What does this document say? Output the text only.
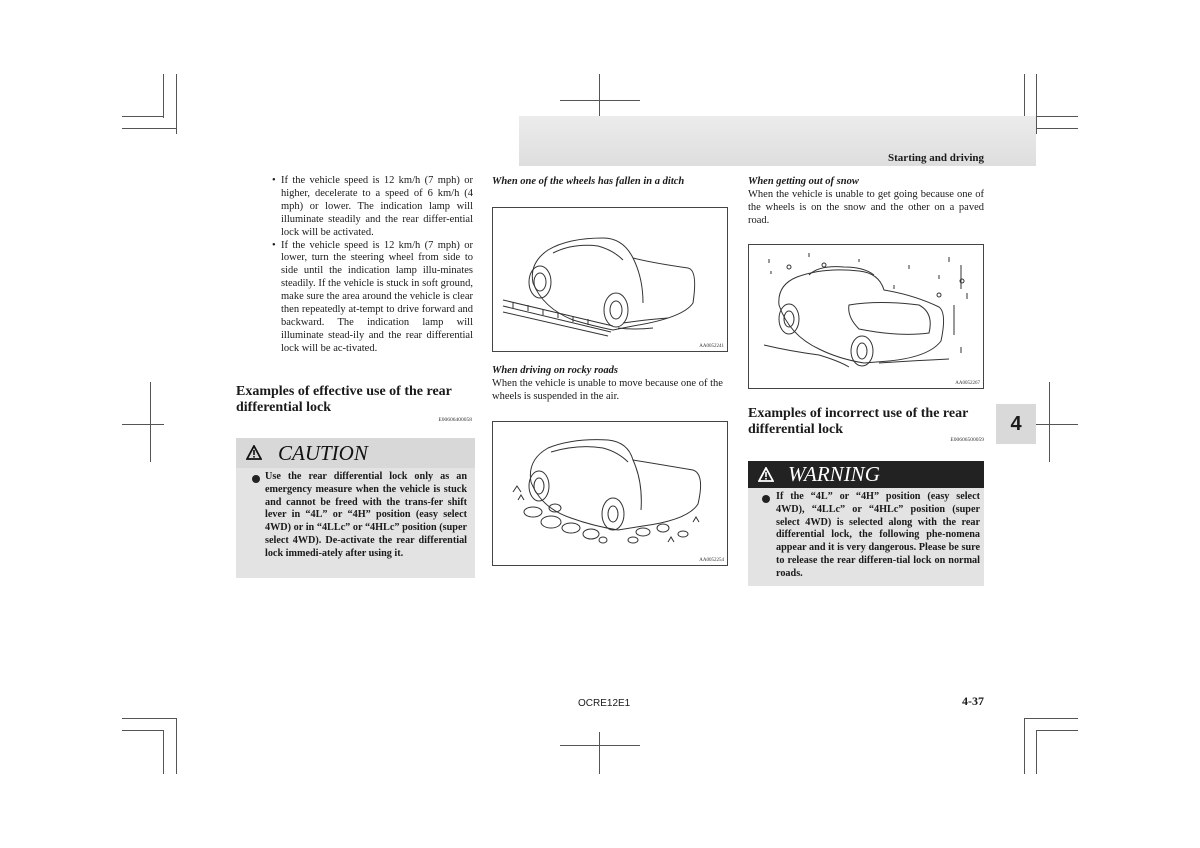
Starting and driving
• If the vehicle speed is 12 km/h (7 mph) or higher, decelerate to a speed of 6 km/h (4 mph) or lower. The indication lamp will illuminate steadily and the rear differ-ential lock will be activated.
• If the vehicle speed is 12 km/h (7 mph) or lower, turn the steering wheel from side to side until the indication lamp illu-minates steadily. If the vehicle is stuck in soft ground, make sure the area around the vehicle is clear then repeatedly at-tempt to drive forward and backward. The indication lamp will illuminate stead-ily and the rear differential lock will be ac-tivated.
Examples of effective use of the rear differential lock
E00606400058
CAUTION
Use the rear differential lock only as an emergency measure when the vehicle is stuck and cannot be freed with the trans-fer shift lever in “4L” or “4H” position (easy select 4WD) or in “4LLc” or “4HLc” position (super select 4WD). De-activate the rear differential lock immedi-ately after using it.
When one of the wheels has fallen in a ditch
AA0052241
When driving on rocky roads
When the vehicle is unable to move because one of the wheels is suspended in the air.
AA0052254
When getting out of snow
When the vehicle is unable to get going because one of the wheels is on the snow and the other on a paved road.
AA0052267
Examples of incorrect use of the rear differential lock
E00606500059
WARNING
If the “4L” or “4H” position (easy select 4WD), “4LLc” or “4HLc” position (super select 4WD) is selected along with the rear differential lock, the following phe-nomena appear and it is very dangerous. Please be sure to release the rear differen-tial lock on normal roads.
4
OCRE12E1	4-37
